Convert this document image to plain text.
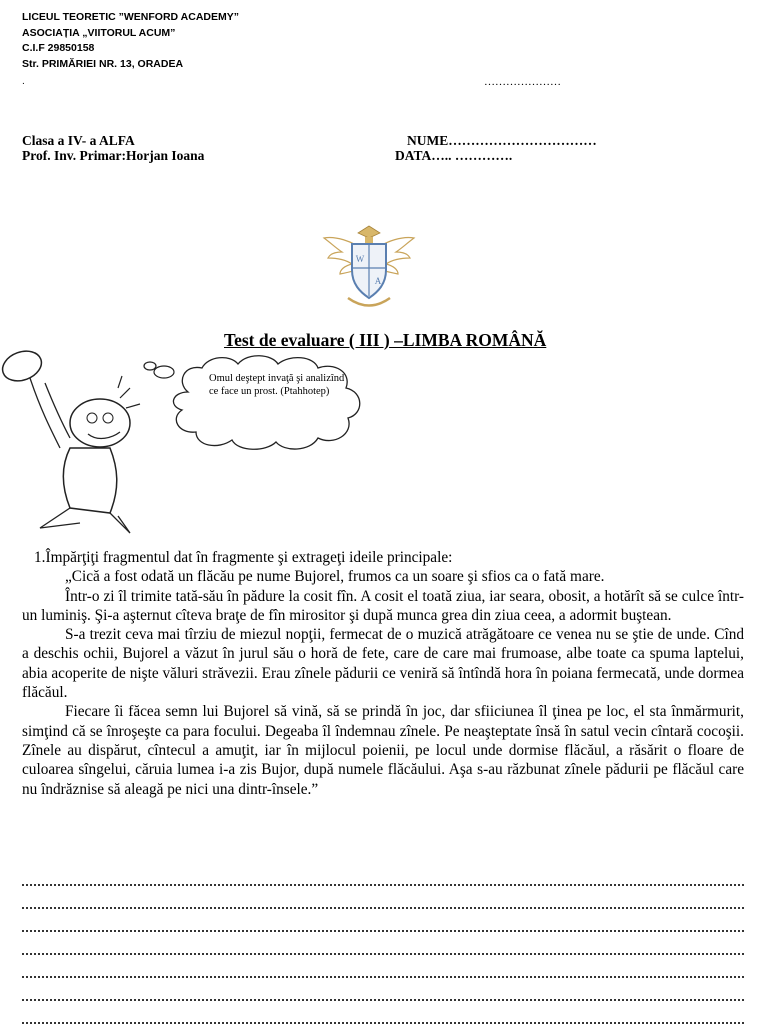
LICEUL TEORETIC ”WENFORD ACADEMY”
ASOCIAȚIA „VIITORUL ACUM”
C.I.F 29850158
Str. PRIMĂRIEI NR. 13, ORADEA
.	…………………
Clasa a IV- a ALFA
Prof. Inv. Primar:Horjan Ioana
NUME……………………………
DATA….. ………….
W
A
Test de evaluare ( III ) –LIMBA ROMÂNĂ
Omul deştept invaţă şi analizînd ce face un prost. (Ptahhotep)

1.Împărţiţi fragmentul dat în fragmente şi extrageţi ideile principale:

„Cică a fost odată un flăcău pe nume Bujorel, frumos ca un soare şi sfios ca o fată mare.

Într-o zi îl trimite tată-său în pădure la cosit fîn. A cosit el toată ziua, iar seara, obosit, a hotărît să se culce într-un luminiş. Şi-a aşternut cîteva braţe de fîn mirositor şi după munca grea din ziua ceea, a adormit buştean.

S-a trezit ceva mai tîrziu de miezul nopţii, fermecat de o muzică atrăgătoare ce venea nu se ştie de unde. Cînd a deschis ochii, Bujorel a văzut în jurul său o horă de fete, care de care mai frumoase, albe toate ca spuma laptelui, abia acoperite de nişte văluri străvezii. Erau zînele pădurii ce veniră să întîndă hora în poiana fermecată, unde dormea flăcăul.

Fiecare îi făcea semn lui Bujorel să vină, să se prindă în joc, dar sfiiciunea îl ţinea pe loc, el sta înmărmurit, simţind că se înroşeşte ca para focului. Degeaba îl îndemnau zînele. Pe neaşteptate însă în satul vecin cîntară cocoşii. Zînele au dispărut, cîntecul a amuţit, iar în mijlocul poienii, pe locul unde dormise flăcăul, a răsărit o floare de culoarea sîngelui, căruia lumea i-a zis Bujor, după numele flăcăului. Aşa s-au răzbunat zînele pădurii pe flăcăul care nu îndrăznise să aleagă pe nici una dintr-însele.”
